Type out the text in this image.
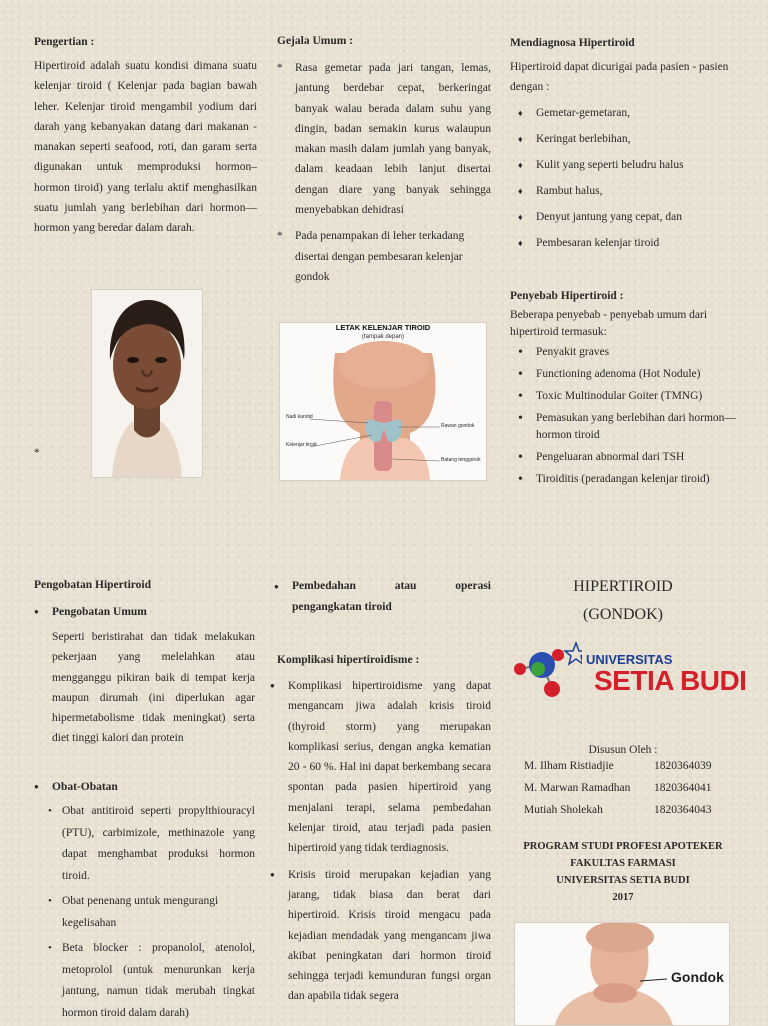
Pengertian :
Hipertiroid adalah suatu kondisi dimana suatu kelenjar tiroid ( Kelenjar pada bagian bawah leher. Kelenjar tiroid mengambil yodium dari darah yang kebanyakan datang dari makanan - manakan seperti seafood, roti, dan garam serta digunakan untuk memproduksi hormon– hormon tiroid) yang terlalu aktif menghasilkan suatu jumlah yang berlebihan dari hormon—hormon yang beredar dalam darah.
*
Gejala Umum :
* Rasa gemetar pada jari tangan, lemas, jantung berdebar cepat, berkeringat banyak walau berada dalam suhu yang dingin, badan semakin kurus walaupun makan masih dalam jumlah yang banyak, dalam keadaan lebih lanjut disertai dengan diare yang banyak sehingga menyebabkan dehidrasi
* Pada penampakan di leher terkadang disertai dengan pembesaran kelenjar gondok
LETAK KELENJAR TIROID
(tampak depan)
Nadi karotid
Kelenjar tiroid
Rawan gondok
Batang tenggorok
Mendiagnosa Hipertiroid
Hipertiroid dapat dicurigai pada pasien - pasien dengan :
♦ Gemetar-gemetaran,
♦ Keringat berlebihan,
♦ Kulit yang seperti beludru halus
♦ Rambut halus,
♦ Denyut jantung yang cepat, dan
♦ Pembesaran kelenjar tiroid
Penyebab Hipertiroid :
Beberapa penyebab - penyebab umum dari hipertiroid termasuk:
• Penyakit graves
• Functioning adenoma (Hot Nodule)
• Toxic Multinodular Goiter (TMNG)
• Pemasukan yang berlebihan dari hormon—hormon tiroid
• Pengeluaran abnormal dari TSH
• Tiroiditis (peradangan kelenjar tiroid)
Pengobatan Hipertiroid
● Pengobatan Umum
Seperti beristirahat dan tidak melakukan pekerjaan yang melelahkan atau mengganggu pikiran baik di tempat kerja maupun dirumah (ini diperlukan agar hipermetabolisme tidak meningkat) serta diet tinggi kalori dan protein
● Obat-Obatan
• Obat antitiroid seperti propylthiouracyl (PTU), carbimizole, methinazole yang dapat menghambat produksi hormon tiroid.
• Obat penenang untuk mengurangi kegelisahan
• Beta blocker : propanolol, atenolol, metoprolol (untuk menurunkan kerja jantung, namun tidak merubah tingkat hormon tiroid dalam darah)
● Pembedahan atau operasi pengangkatan tiroid
Komplikasi hipertiroidisme :
● Komplikasi hipertiroidisme yang dapat mengancam jiwa adalah krisis tiroid (thyroid storm) yang merupakan komplikasi serius, dengan angka kematian 20 - 60 %. Hal ini dapat berkembang secara spontan pada pasien hipertiroid yang menjalani terapi, selama pembedahan kelenjar tiroid, atau terjadi pada pasien hipertiroid yang tidak terdiagnosis.
● Krisis tiroid merupakan kejadian yang jarang, tidak biasa dan berat dari hipertiroid. Krisis tiroid mengacu pada kejadian mendadak yang mengancam jiwa akibat peningkatan dari hormon tiroid sehingga terjadi kemunduran fungsi organ dan apabila tidak segera
HIPERTIROID
(GONDOK)
UNIVERSITAS
SETIA BUDI
Disusun Oleh :
M. Ilham Ristiadjie	1820364039
M. Marwan Ramadhan 1820364041
Mutiah Sholekah	1820364043
PROGRAM STUDI PROFESI APOTEKER
FAKULTAS FARMASI
UNIVERSITAS SETIA BUDI
2017
Gondok
